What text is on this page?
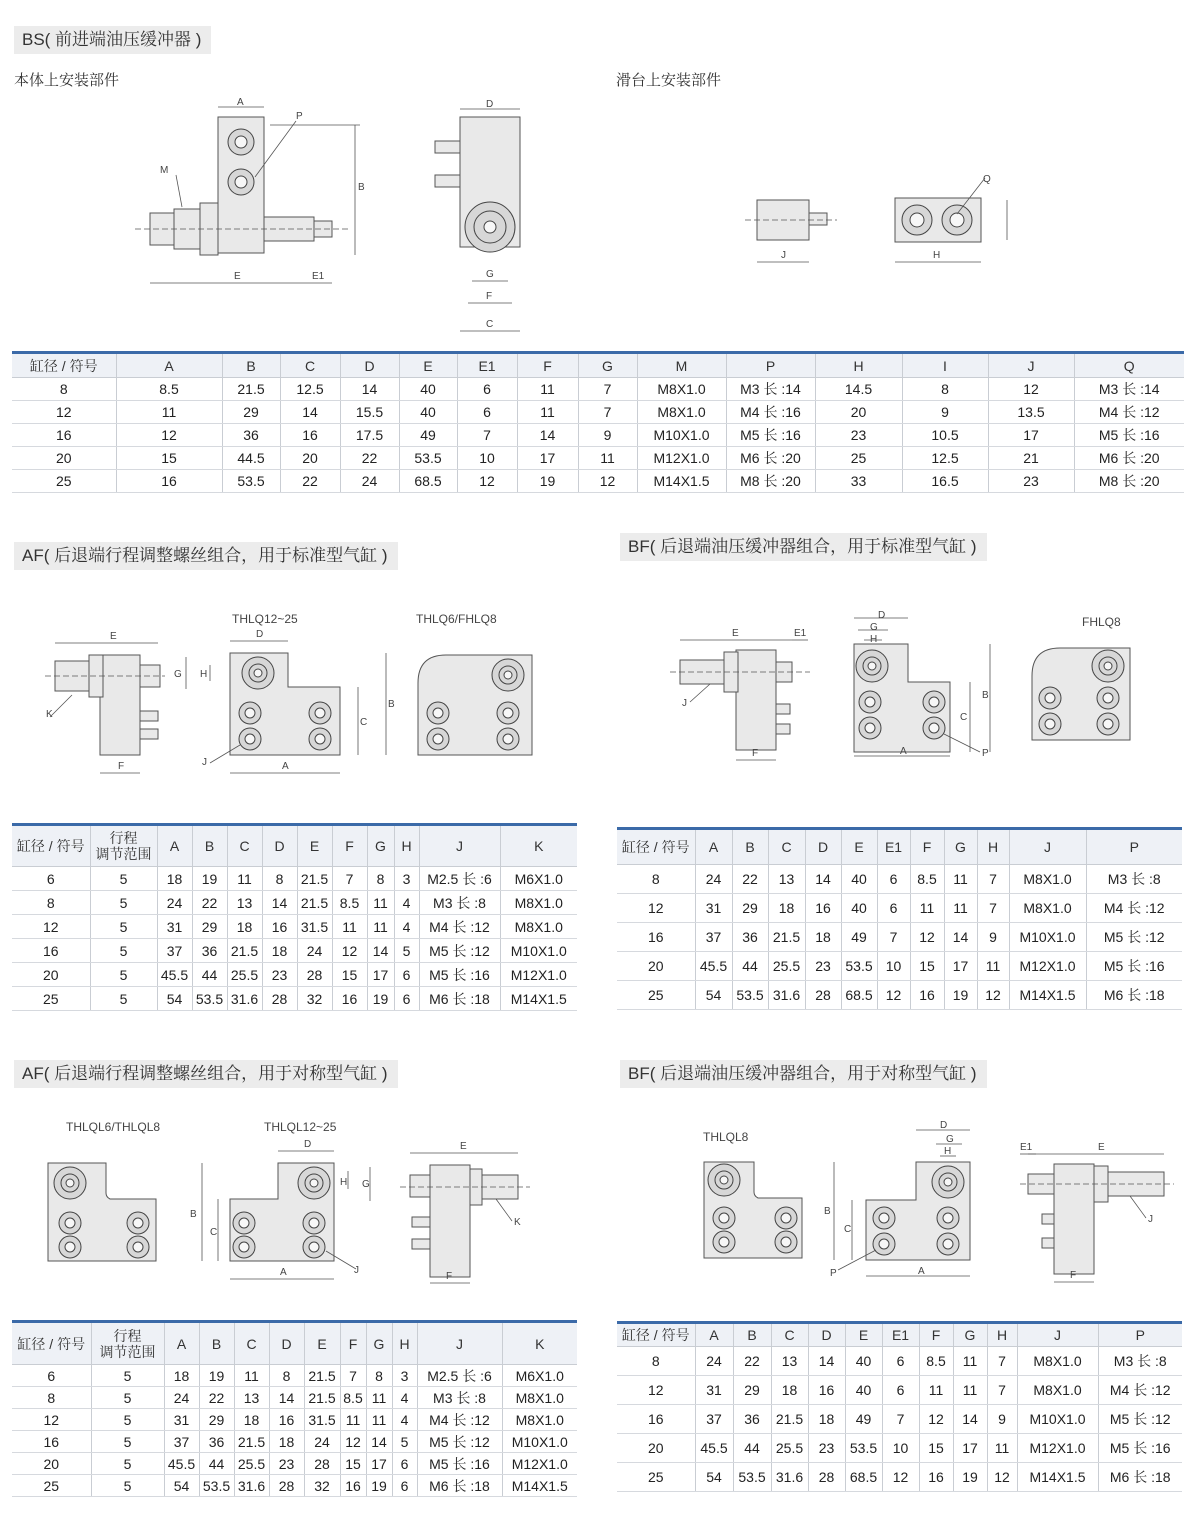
BS( 前进端油压缓冲器 )
本体上安装部件	滑台上安装部件
A
B
E	E1
M
P
D
G
F
C
J	H
Q
缸径 / 符号	A	B	C	D	E	E1	F	G	M	P	H	I	J	Q
8	8.5	21.5	12.5	14	40	6	11	7	M8X1.0	M3 长 :14	14.5	8	12	M3 长 :14
12	11	29	14	15.5	40	6	11	7	M8X1.0	M4 长 :16	20	9	13.5	M4 长 :12
16	12	36	16	17.5	49	7	14	9	M10X1.0	M5 长 :16	23	10.5	17	M5 长 :16
20	15	44.5	20	22	53.5	10	17	11	M12X1.0	M6 长 :20	25	12.5	21	M6 长 :20
25	16	53.5	22	24	68.5	12	19	12	M14X1.5	M8 长 :20	33	16.5	23	M8 长 :20
AF( 后退端行程调整螺丝组合，用于标准型气缸 )
THLQ12~25	THLQ6/FHLQ8
E
F
K
D
A
B
C
G H
J
缸径 / 符号	行程
调节范围	A	B	C	D	E	F	G	H	J	K
6	5	18	19	11	8	21.5	7	8	3	M2.5 长 :6	M6X1.0
8	5	24	22	13	14	21.5	8.5	11	4	M3 长 :8	M8X1.0
12	5	31	29	18	16	31.5	11	11	4	M4 长 :12	M8X1.0
16	5	37	36	21.5	18	24	12	14	5	M5 长 :12	M10X1.0
20	5	45.5	44	25.5	23	28	15	17	6	M5 长 :16	M12X1.0
25	5	54	53.5	31.6	28	32	16	19	6	M6 长 :18	M14X1.5
BF( 后退端油压缓冲器组合，用于标准型气缸 )
FHLQ8
E	E1
F
J
D
G
H
A
B
C
P
缸径 / 符号	A	B	C	D	E	E1	F	G	H	J	P
8	24	22	13	14	40	6	8.5	11	7	M8X1.0	M3 长 :8
12	31	29	18	16	40	6	11	11	7	M8X1.0	M4 长 :12
16	37	36	21.5	18	49	7	12	14	9	M10X1.0	M5 长 :12
20	45.5	44	25.5	23	53.5	10	15	17	11	M12X1.0	M5 长 :16
25	54	53.5	31.6	28	68.5	12	16	19	12	M14X1.5	M6 长 :18
AF( 后退端行程调整螺丝组合，用于对称型气缸 )
THLQL6/THLQL8	THLQL12~25
D
A
B
C
H G
J
E
F
K
缸径 / 符号	行程
调节范围	A	B	C	D	E	F	G	H	J	K
6	5	18	19	11	8	21.5	7	8	3	M2.5 长 :6	M6X1.0
8	5	24	22	13	14	21.5	8.5	11	4	M3 长 :8	M8X1.0
12	5	31	29	18	16	31.5	11	11	4	M4 长 :12	M8X1.0
16	5	37	36	21.5	18	24	12	14	5	M5 长 :12	M10X1.0
20	5	45.5	44	25.5	23	28	15	17	6	M5 长 :16	M12X1.0
25	5	54	53.5	31.6	28	32	16	19	6	M6 长 :18	M14X1.5
BF( 后退端油压缓冲器组合，用于对称型气缸 )
THLQL8
D
G
H
A
B
C
P
E
E1
F
J
缸径 / 符号	A	B	C	D	E	E1	F	G	H	J	P
8	24	22	13	14	40	6	8.5	11	7	M8X1.0	M3 长 :8
12	31	29	18	16	40	6	11	11	7	M8X1.0	M4 长 :12
16	37	36	21.5	18	49	7	12	14	9	M10X1.0	M5 长 :12
20	45.5	44	25.5	23	53.5	10	15	17	11	M12X1.0	M5 长 :16
25	54	53.5	31.6	28	68.5	12	16	19	12	M14X1.5	M6 长 :18
